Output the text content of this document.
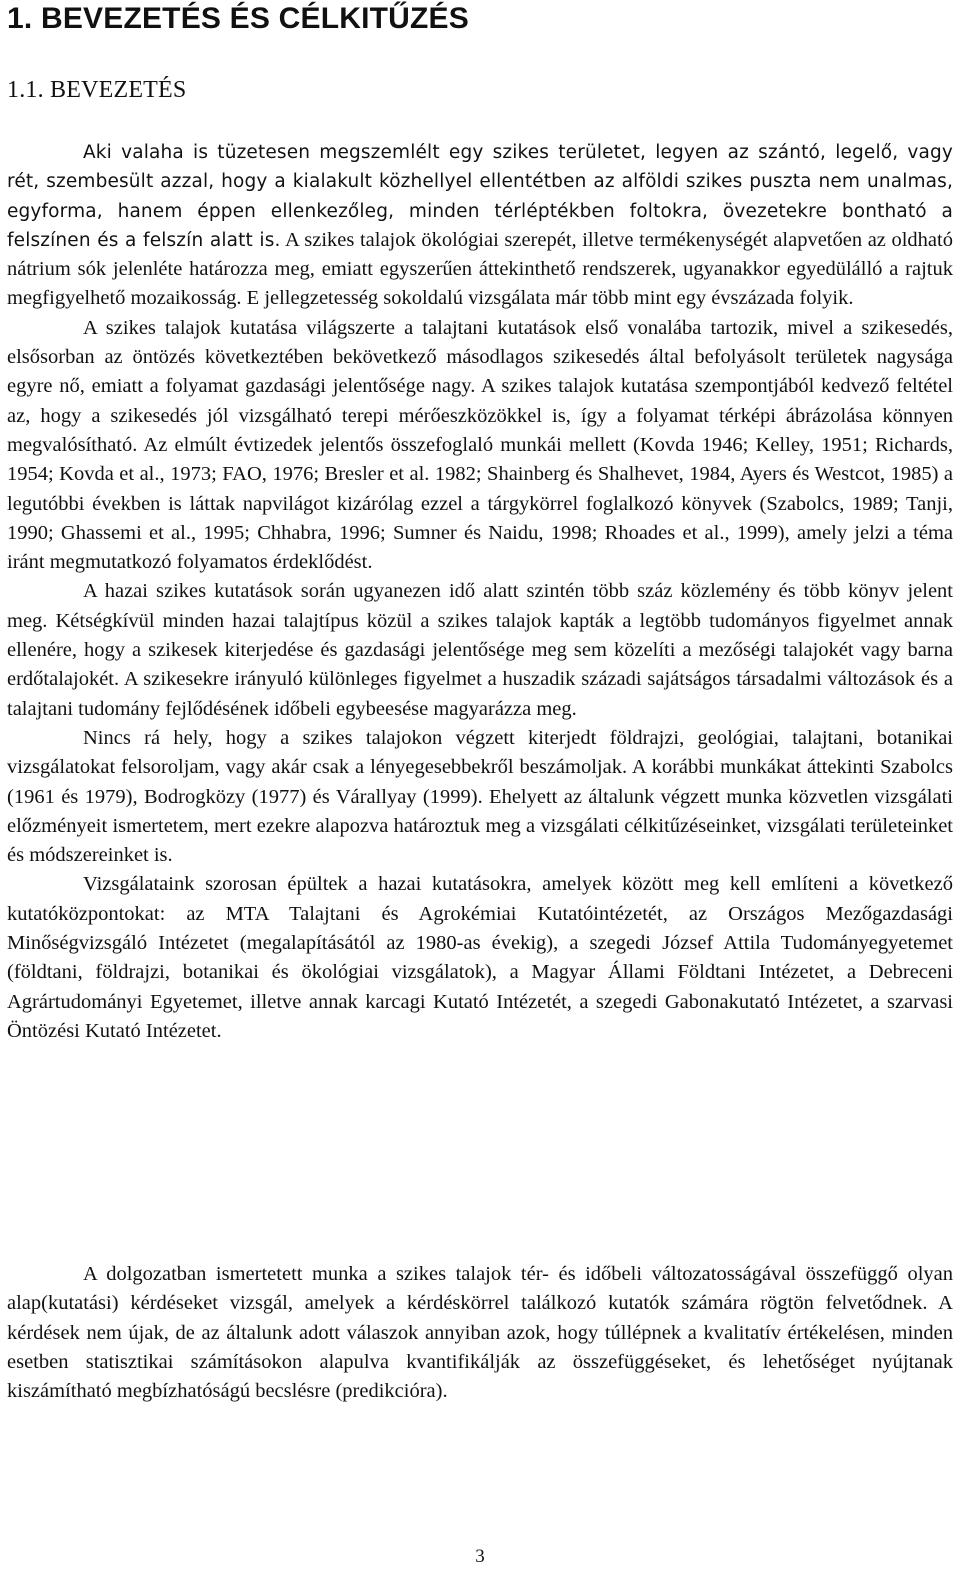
1. BEVEZETÉS ÉS CÉLKITŰZÉS
1.1. BEVEZETÉS

Aki valaha is tüzetesen megszemlélt egy szikes területet, legyen az szántó, legelő, vagy rét, szembesült azzal, hogy a kialakult közhellyel ellentétben az alföldi szikes puszta nem unalmas, egyforma, hanem éppen ellenkezőleg, minden térléptékben foltokra, övezetekre bontható a felszínen és a felszín alatt is. A szikes talajok ökológiai szerepét, illetve termékenységét alapvetően az oldható nátrium sók jelenléte határozza meg, emiatt egyszerűen áttekinthető rendszerek, ugyanakkor egyedülálló a rajtuk megfigyelhető mozaikosság. E jellegzetesség sokoldalú vizsgálata már több mint egy évszázada folyik.

A szikes talajok kutatása világszerte a talajtani kutatások első vonalába tartozik, mivel a szikesedés, elsősorban az öntözés következtében bekövetkező másodlagos szikesedés által befolyásolt területek nagysága egyre nő, emiatt a folyamat gazdasági jelentősége nagy. A szikes talajok kutatása szempontjából kedvező feltétel az, hogy a szikesedés jól vizsgálható terepi mérőeszközökkel is, így a folyamat térképi ábrázolása könnyen megvalósítható. Az elmúlt évtizedek jelentős összefoglaló munkái mellett (Kovda 1946; Kelley, 1951; Richards, 1954; Kovda et al., 1973; FAO, 1976; Bresler et al. 1982; Shainberg és Shalhevet, 1984, Ayers és Westcot, 1985) a legutóbbi években is láttak napvilágot kizárólag ezzel a tárgykörrel foglalkozó könyvek (Szabolcs, 1989; Tanji, 1990; Ghassemi et al., 1995; Chhabra, 1996; Sumner és Naidu, 1998; Rhoades et al., 1999), amely jelzi a téma iránt megmutatkozó folyamatos érdeklődést.

A hazai szikes kutatások során ugyanezen idő alatt szintén több száz közlemény és több könyv jelent meg. Kétségkívül minden hazai talajtípus közül a szikes talajok kapták a legtöbb tudományos figyelmet annak ellenére, hogy a szikesek kiterjedése és gazdasági jelentősége meg sem közelíti a mezőségi talajokét vagy barna erdőtalajokét. A szikesekre irányuló különleges figyelmet a huszadik századi sajátságos társadalmi változások és a talajtani tudomány fejlődésének időbeli egybeesése magyarázza meg.

Nincs rá hely, hogy a szikes talajokon végzett kiterjedt földrajzi, geológiai, talajtani, botanikai vizsgálatokat felsoroljam, vagy akár csak a lényegesebbekről beszámoljak. A korábbi munkákat áttekinti Szabolcs (1961 és 1979), Bodrogközy (1977) és Várallyay (1999). Ehelyett az általunk végzett munka közvetlen vizsgálati előzményeit ismertetem, mert ezekre alapozva határoztuk meg a vizsgálati célkitűzéseinket, vizsgálati területeinket és módszereinket is.

Vizsgálataink szorosan épültek a hazai kutatásokra, amelyek között meg kell említeni a következő kutatóközpontokat: az MTA Talajtani és Agrokémiai Kutatóintézetét, az Országos Mezőgazdasági Minőségvizsgáló Intézetet (megalapításától az 1980-as évekig), a szegedi József Attila Tudományegyetemet (földtani, földrajzi, botanikai és ökológiai vizsgálatok), a Magyar Állami Földtani Intézetet, a Debreceni Agrártudományi Egyetemet, illetve annak karcagi Kutató Intézetét, a szegedi Gabonakutató Intézetet, a szarvasi Öntözési Kutató Intézetet.

A dolgozatban ismertetett munka a szikes talajok tér- és időbeli változatosságával összefüggő olyan alap(kutatási) kérdéseket vizsgál, amelyek a kérdéskörrel találkozó kutatók számára rögtön felvetődnek. A kérdések nem újak, de az általunk adott válaszok annyiban azok, hogy túllépnek a kvalitatív értékelésen, minden esetben statisztikai számításokon alapulva kvantifikálják az összefüggéseket, és lehetőséget nyújtanak kiszámítható megbízhatóságú becslésre (predikcióra).

3
